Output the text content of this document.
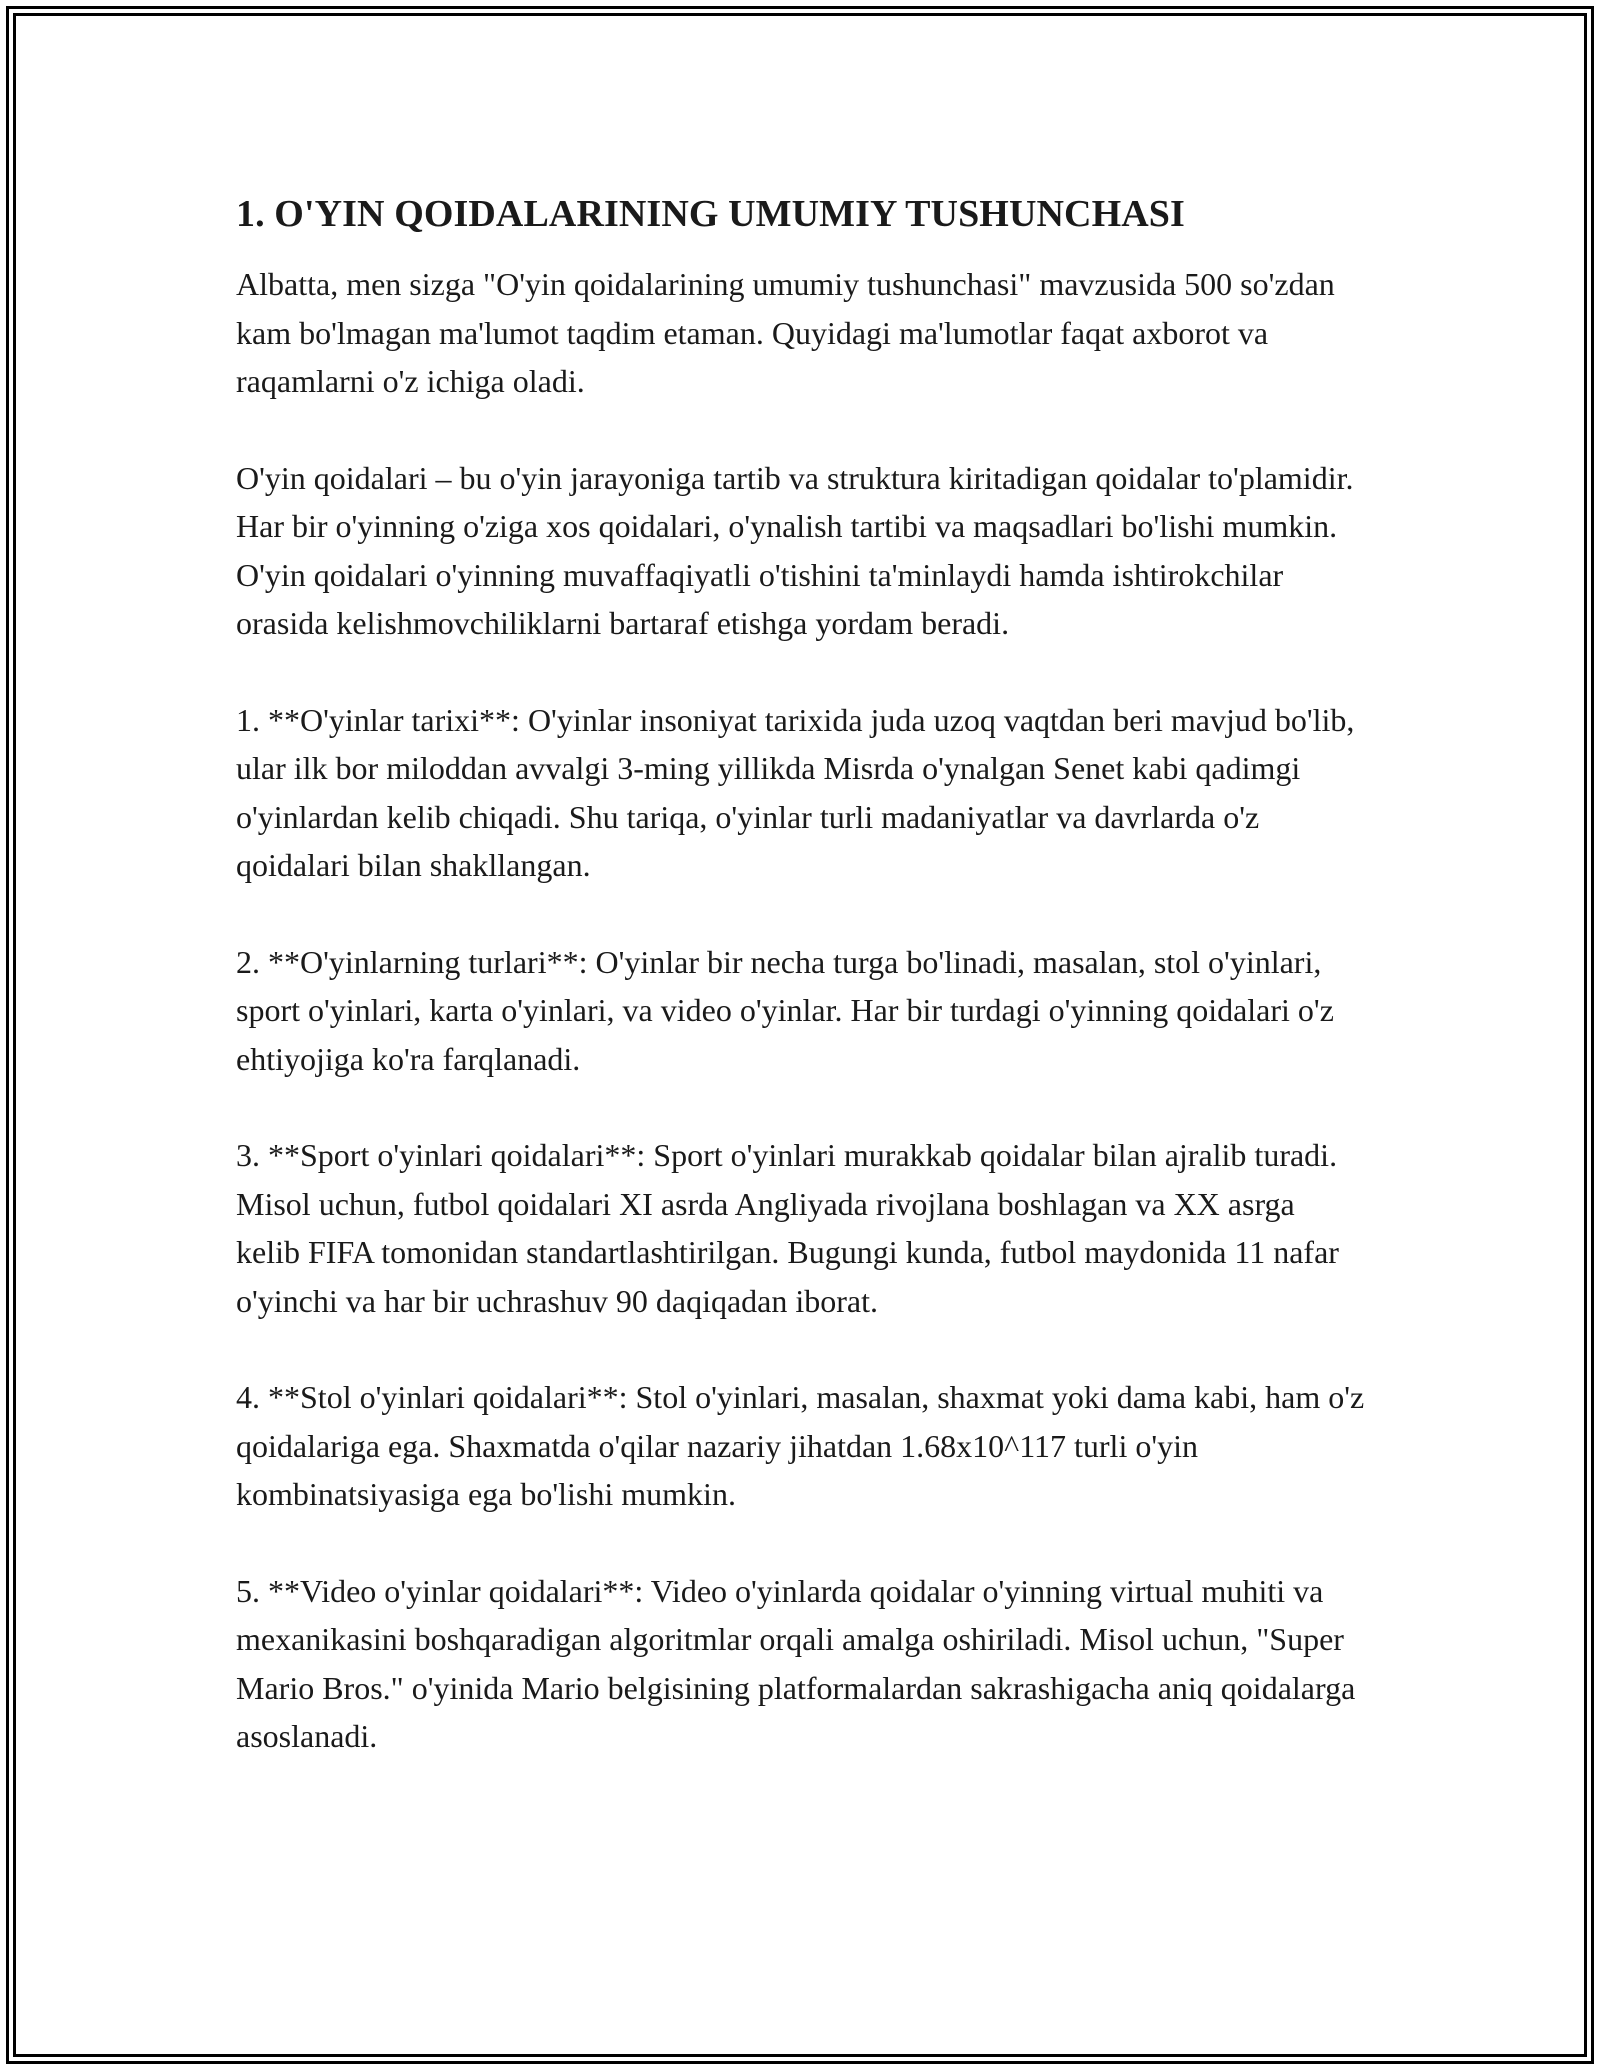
1. O'YIN QOIDALARINING UMUMIY TUSHUNCHASI

Albatta, men sizga "O'yin qoidalarining umumiy tushunchasi" mavzusida 500 so'zdan kam bo'lmagan ma'lumot taqdim etaman. Quyidagi ma'lumotlar faqat axborot va raqamlarni o'z ichiga oladi.

O'yin qoidalari – bu o'yin jarayoniga tartib va struktura kiritadigan qoidalar to'plamidir. Har bir o'yinning o'ziga xos qoidalari, o'ynalish tartibi va maqsadlari bo'lishi mumkin. O'yin qoidalari o'yinning muvaffaqiyatli o'tishini ta'minlaydi hamda ishtirokchilar orasida kelishmovchiliklarni bartaraf etishga yordam beradi.

1. **O'yinlar tarixi**: O'yinlar insoniyat tarixida juda uzoq vaqtdan beri mavjud bo'lib, ular ilk bor miloddan avvalgi 3-ming yillikda Misrda o'ynalgan Senet kabi qadimgi o'yinlardan kelib chiqadi. Shu tariqa, o'yinlar turli madaniyatlar va davrlarda o'z qoidalari bilan shakllangan.

2. **O'yinlarning turlari**: O'yinlar bir necha turga bo'linadi, masalan, stol o'yinlari, sport o'yinlari, karta o'yinlari, va video o'yinlar. Har bir turdagi o'yinning qoidalari o'z ehtiyojiga ko'ra farqlanadi.

3. **Sport o'yinlari qoidalari**: Sport o'yinlari murakkab qoidalar bilan ajralib turadi. Misol uchun, futbol qoidalari XI asrda Angliyada rivojlana boshlagan va XX asrga kelib FIFA tomonidan standartlashtirilgan. Bugungi kunda, futbol maydonida 11 nafar o'yinchi va har bir uchrashuv 90 daqiqadan iborat.

4. **Stol o'yinlari qoidalari**: Stol o'yinlari, masalan, shaxmat yoki dama kabi, ham o'z qoidalariga ega. Shaxmatda o'qilar nazariy jihatdan 1.68x10^117 turli o'yin kombinatsiyasiga ega bo'lishi mumkin.

5. **Video o'yinlar qoidalari**: Video o'yinlarda qoidalar o'yinning virtual muhiti va mexanikasini boshqaradigan algoritmlar orqali amalga oshiriladi. Misol uchun, "Super Mario Bros." o'yinida Mario belgisining platformalardan sakrashigacha aniq qoidalarga asoslanadi.
